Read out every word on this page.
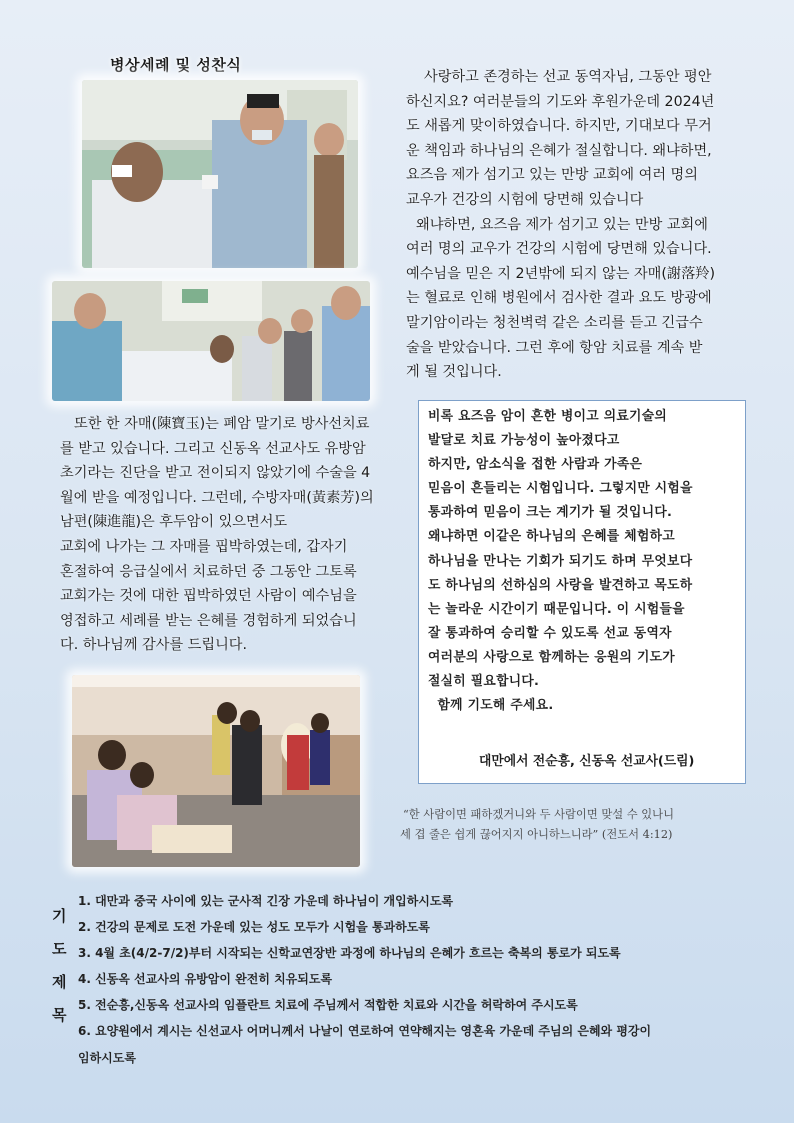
병상세례 및 성찬식

사랑하고 존경하는 선교 동역자님, 그동안 평안

하신지요? 여러분들의 기도와 후원가운데 2024년

도 새롭게 맞이하였습니다. 하지만, 기대보다 무거

운 책임과 하나님의 은혜가 절실합니다. 왜냐하면,

요즈음 제가 섬기고 있는 만방 교회에 여러 명의

교우가 건강의 시험에 당면해 있습니다

왜냐하면, 요즈음 제가 섬기고 있는 만방 교회에

여러 명의 교우가 건강의 시험에 당면해 있습니다.

예수님을 믿은 지 2년밖에 되지 않는 자매(謝落羚)

는 혈료로 인해 병원에서 검사한 결과 요도 방광에

말기암이라는 청천벽력 같은 소리를 듣고 긴급수

술을 받았습니다. 그런 후에 항암 치료를 계속 받

게 될 것입니다.

또한 한 자매(陳寶玉)는 폐암 말기로 방사선치료

를 받고 있습니다. 그리고 신동옥 선교사도 유방암

초기라는 진단을 받고 전이되지 않았기에 수술을 4

월에 받을 예정입니다. 그런데, 수방자매(黃素芳)의

남편(陳進龍)은 후두암이 있으면서도

교회에 나가는 그 자매를 핍박하였는데, 갑자기

혼절하여 응급실에서 치료하던 중 그동안 그토록

교회가는 것에 대한 핍박하였던 사람이 예수님을

영접하고 세례를 받는 은혜를 경험하게 되었습니

다. 하나님께 감사를 드립니다.

비록 요즈음 암이 흔한 병이고 의료기술의

발달로 치료 가능성이 높아졌다고

하지만, 암소식을 접한 사람과 가족은

믿음이 흔들리는 시험입니다. 그렇지만 시험을

통과하여 믿음이 크는 계기가 될 것입니다.

왜냐하면 이같은 하나님의 은혜를 체험하고

하나님을 만나는 기회가 되기도 하며 무엇보다

도 하나님의 선하심의 사랑을 발견하고 목도하

는 놀라운 시간이기 때문입니다. 이 시험들을

잘 통과하여 승리할 수 있도록 선교 동역자

여러분의 사랑으로 함께하는 응원의 기도가

절실히 필요합니다.

함께 기도해 주세요.

대만에서 전순흥, 신동옥 선교사(드림)
“한 사람이면 패하겠거니와 두 사람이면 맞설 수 있나니
세 겹 줄은 쉽게 끊어지지 아니하느니라” (전도서 4:12)
기
도
제
목
1. 대만과 중국 사이에 있는 군사적 긴장 가운데 하나님이 개입하시도록
2. 건강의 문제로 도전 가운데 있는 성도 모두가 시험을 통과하도록
3. 4월 초(4/2-7/2)부터 시작되는 신학교연장반 과정에 하나님의 은혜가 흐르는 축복의 통로가 되도록
4. 신동옥 선교사의 유방암이 완전히 치유되도록
5. 전순흥,신동옥 선교사의 임플란트 치료에 주님께서 적합한 치료와 시간을 허락하여 주시도록
6. 요양원에서 계시는 신선교사 어머니께서 나날이 연로하여 연약해지는 영혼육 가운데 주님의 은혜와 평강이
임하시도록
